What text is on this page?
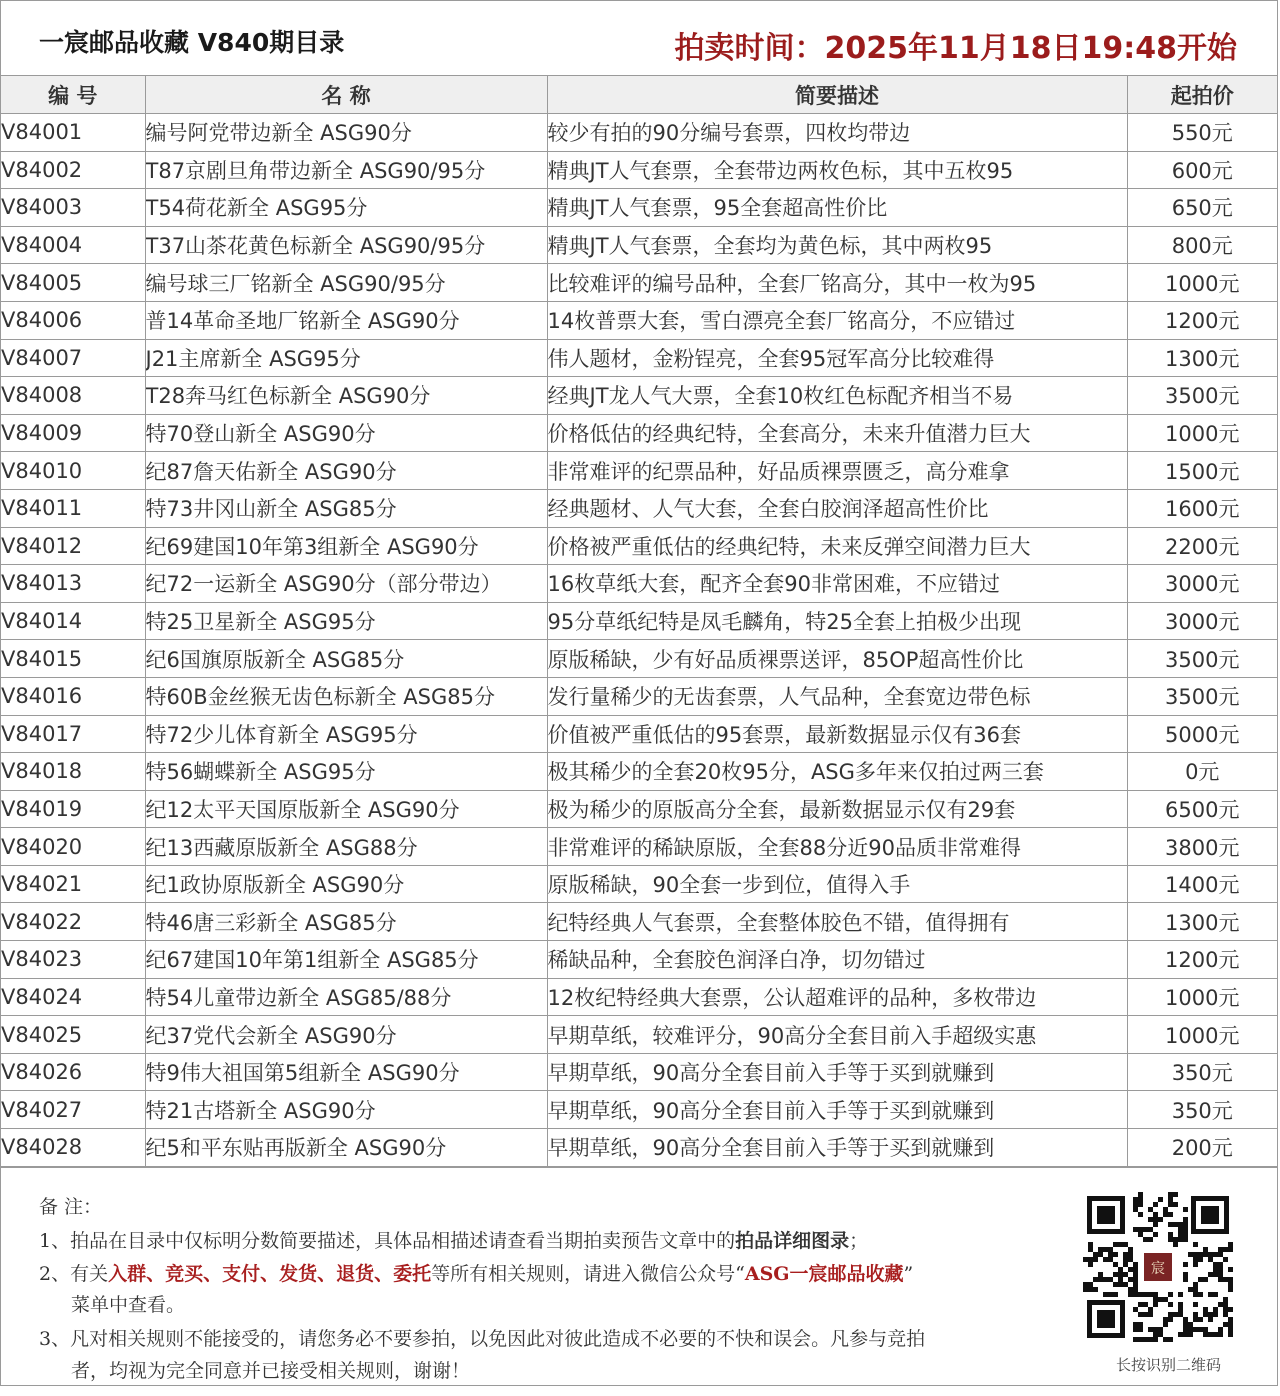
一宸邮品收藏 V840期目录	拍卖时间：2025年11月18日19:48开始
编 号	名 称	简要描述	起拍价
V84001	编号阿党带边新全 ASG90分	较少有拍的90分编号套票，四枚均带边	550元
V84002	T87京剧旦角带边新全 ASG90/95分	精典JT人气套票，全套带边两枚色标，其中五枚95	600元
V84003	T54荷花新全 ASG95分	精典JT人气套票，95全套超高性价比	650元
V84004	T37山茶花黄色标新全 ASG90/95分	精典JT人气套票，全套均为黄色标，其中两枚95	800元
V84005	编号球三厂铭新全 ASG90/95分	比较难评的编号品种，全套厂铭高分，其中一枚为95	1000元
V84006	普14革命圣地厂铭新全 ASG90分	14枚普票大套，雪白漂亮全套厂铭高分，不应错过	1200元
V84007	J21主席新全 ASG95分	伟人题材，金粉锃亮，全套95冠军高分比较难得	1300元
V84008	T28奔马红色标新全 ASG90分	经典JT龙人气大票，全套10枚红色标配齐相当不易	3500元
V84009	特70登山新全 ASG90分	价格低估的经典纪特，全套高分，未来升值潜力巨大	1000元
V84010	纪87詹天佑新全 ASG90分	非常难评的纪票品种，好品质裸票匮乏，高分难拿	1500元
V84011	特73井冈山新全 ASG85分	经典题材、人气大套，全套白胶润泽超高性价比	1600元
V84012	纪69建国10年第3组新全 ASG90分	价格被严重低估的经典纪特，未来反弹空间潜力巨大	2200元
V84013	纪72一运新全 ASG90分（部分带边）	16枚草纸大套，配齐全套90非常困难，不应错过	3000元
V84014	特25卫星新全 ASG95分	95分草纸纪特是凤毛麟角，特25全套上拍极少出现	3000元
V84015	纪6国旗原版新全 ASG85分	原版稀缺，少有好品质裸票送评，85OP超高性价比	3500元
V84016	特60B金丝猴无齿色标新全 ASG85分	发行量稀少的无齿套票，人气品种，全套宽边带色标	3500元
V84017	特72少儿体育新全 ASG95分	价值被严重低估的95套票，最新数据显示仅有36套	5000元
V84018	特56蝴蝶新全 ASG95分	极其稀少的全套20枚95分，ASG多年来仅拍过两三套	0元
V84019	纪12太平天国原版新全 ASG90分	极为稀少的原版高分全套，最新数据显示仅有29套	6500元
V84020	纪13西藏原版新全 ASG88分	非常难评的稀缺原版，全套88分近90品质非常难得	3800元
V84021	纪1政协原版新全 ASG90分	原版稀缺，90全套一步到位，值得入手	1400元
V84022	特46唐三彩新全 ASG85分	纪特经典人气套票，全套整体胶色不错，值得拥有	1300元
V84023	纪67建国10年第1组新全 ASG85分	稀缺品种，全套胶色润泽白净，切勿错过	1200元
V84024	特54儿童带边新全 ASG85/88分	12枚纪特经典大套票，公认超难评的品种，多枚带边	1000元
V84025	纪37党代会新全 ASG90分	早期草纸，较难评分，90高分全套目前入手超级实惠	1000元
V84026	特9伟大祖国第5组新全 ASG90分	早期草纸，90高分全套目前入手等于买到就赚到	350元
V84027	特21古塔新全 ASG90分	早期草纸，90高分全套目前入手等于买到就赚到	350元
V84028	纪5和平东贴再版新全 ASG90分	早期草纸，90高分全套目前入手等于买到就赚到	200元
备 注：
1、拍品在目录中仅标明分数简要描述，具体品相描述请查看当期拍卖预告文章中的拍品详细图录；
2、有关入群、竞买、支付、发货、退货、委托等所有相关规则，请进入微信公众号“ASG一宸邮品收藏”
菜单中查看。
3、凡对相关规则不能接受的，请您务必不要参拍，以免因此对彼此造成不必要的不快和误会。凡参与竞拍
者，均视为完全同意并已接受相关规则，谢谢！
宸
长按识别二维码
